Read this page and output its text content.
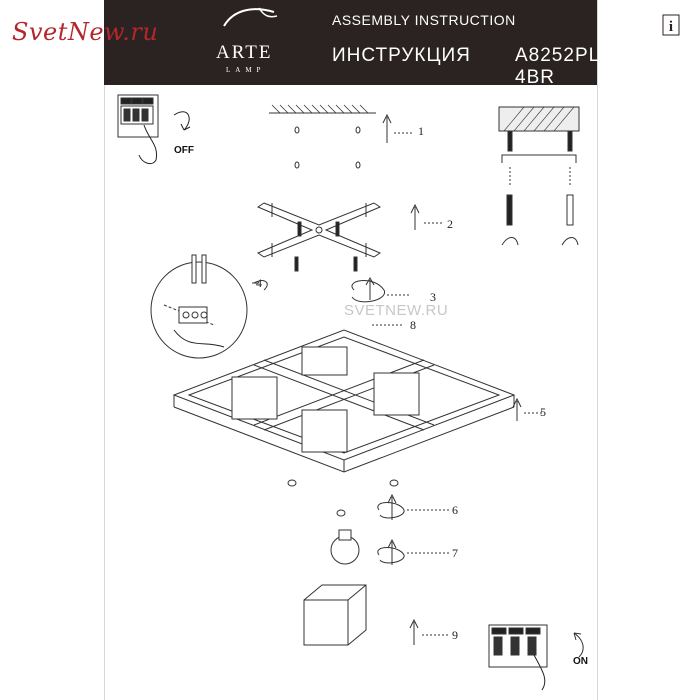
ARTE
LAMP
ASSEMBLY INSTRUCTION
ИНСТРУКЦИЯ A8252PL-4BR
A i
SvetNew.ru
SVETNEW.RU
OFF
ON
1
2
3
4
5
6
7
8
9
